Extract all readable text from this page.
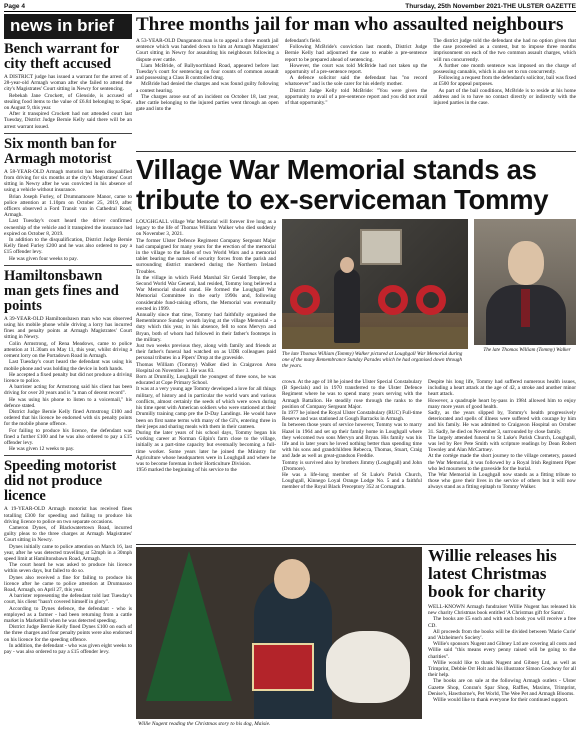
Page 4	Thursday, 25th November 2021-THE ULSTER GAZETTE
news in brief
Bench warrant for city theft accused

A DISTRICT judge has issued a warrant for the arrest of a 28-year-old Armagh woman after she failed to attend the city's Magistrates' Court sitting in Newry for sentencing.

Rebekah Jane Crockett, of Glenside, is accused of stealing food items to the value of £6.84 belonging to Spar, on August 9, this year.

After it transpired Crockett had not attended court last Tuesday, District Judge Bernie Kelly said there will be an arrest warrant issued.

Six month ban for Armagh motorist

A 58-YEAR-OLD Armagh motorist has been disqualified from driving for six months at the city's Magistrates' Court sitting in Newry after he was convicted in his absence of using a vehicle without insurance.

Brian Joseph Furley, of Drumnamoore Manor, came to police attention at 1.10pm on October 25, 2019, after officers observed a Ford Transit van in Cathedral Road, Armagh.

Last Tuesday's court heard the driver confirmed ownership of the vehicle and it transpired the insurance had expired on October 8, 2019.

In addition to the disqualification, District Judge Bernie Kelly fined Furley £200 and he was also ordered to pay a £15 offender levy.

He was given four weeks to pay.

Hamiltonsbawn man gets fines and points

A 39-YEAR-OLD Hamiltonsbawn man who was observed using his mobile phone while driving a lorry has incurred fines and penalty points at Armagh Magistrates' Court sitting in Newry.

Colin Armstrong, of Rena Meadows, came to police attention at 11.30am on May 11, this year, whilst driving a cement lorry on the Portadown Road in Armagh.

Last Tuesday's court heard the defendant was using his mobile phone and was holding the device in both hands.

He accepted a fixed penalty but did not produce a driving licence to police.

A barrister acting for Armstrong said his client has been driving for over 20 years and is "a man of decent record".

He was using his phone to listen to a voicemail," his defence stated.

District Judge Bernie Kelly fined Armstrong £100 and ordered that his licence be endorsed with six penalty points for the mobile phone offence.

For failing to produce his licence, the defendant was fined a further £100 and he was also ordered to pay a £15 offender levy.

He was given 12 weeks to pay.

Speeding motorist did not produce licence

A 19-YEAR-OLD Armagh motorist has received fines totalling £300 for speeding and failing to produce his driving licence to police on two separate occasions.

Cameron Dynes, of Blackwatertown Road, incurred guilty pleas to the three charges at Armagh Magistrates' Court sitting in Newry.

Dynes initially came to police attention on March 16, last year, after he was detected travelling at 52mph in a 30mph speed limit at Hamiltonsbawn Road, Armagh.

The court heard he was asked to produce his licence within seven days, but failed to do so.

Dynes also received a fine for failing to produce his licence after he came to police attention at Drumnasoo Road, Armagh, on April 27, this year.

A barrister representing the defendant told last Tuesday's court, his client "hasn't covered himself in glory".

According to Dynes defence, the defendant - who is employed as a farmer - had been returning from a cattle market in Markethill when he was detected speeding.

District Judge Bernie Kelly fined Dynes £100 on each of the three charges and four penalty points were also endorsed on his licence for the speeding offence.

In addition, the defendant - who was given eight weeks to pay - was also ordered to pay a £15 offender levy.

Three months jail for man who assaulted neighbours

A 53-YEAR-OLD Dungannon man is to appeal a three month jail sentence which was handed down to him at Armagh Magistrates' Court sitting in Newry for assaulting his neighbours following a dispute over cattle.

Liam McBride, of Ballynorthland Road, appeared before last Tuesday's court for sentencing on four counts of common assault and possessing a Class B controlled drug.

McBride had denied the charges and was found guilty following a contest hearing.

The charges arose out of an incident on October 18, last year, after cattle belonging to the injured parties went through an open gate and into the

defendant's field.

Following McBride's conviction last month, District Judge Bernie Kelly had adjourned the case to enable a pre-sentence report to be prepared ahead of sentencing.

However, the court was told McBride had not taken up the opportunity of a pre-sentence report.

A defence solicitor said the defendant has "no record whatsoever" and is the sole carer for his elderly mother.

District Judge Kelly told McBride: "You were given the opportunity to avail of a pre-sentence report and you did not avail of that opportunity."

The district judge told the defendant she had no option given that the case proceeded as a contest, but to impose three months imprisonment on each of the two common assault charges, which will run concurrently.

A further one month sentence was imposed on the charge of possessing cannabis, which is also set to run concurrently.

Following a request from the defendant's solicitor, bail was fixed at £500 for appeal purposes.

As part of the bail conditions, McBride is to reside at his home address and is to have no contact directly or indirectly with the injured parties in the case.

Village War Memorial stands as
tribute to ex-serviceman Tommy

LOUGHGALL village War Memorial will forever live long as a legacy to the life of Thomas William Walker who died suddenly on November 3, 2021.

The former Ulster Defence Regiment Company Sergeant Major had campaigned for many years for the erection of the memorial in the village to the fallen of two World Wars and a memorial tablet bearing the names of security forces from the parish and surrounding district murdered during the Northern Ireland Troubles.

In the village in which Field Marshal Sir Gerald Templer, the Second World War General, had resided, Tommy long believed a War Memorial should stand. He formed the Loughgall War Memorial Committee in the early 1990s and, following considerable fund-raising efforts, the Memorial was eventually erected in 1999.

Annually since that time, Tommy had faithfully organised the Remembrance Sunday wreath laying at the village Memorial - a duty which this year, in his absence, fell to sons Mervyn and Bryan, both of whom had followed in their father's footsteps in the military.

Just two weeks previous they, along with family and friends at their father's funeral had watched on as UDR colleagues paid personal tributes in a Pipers' Drop at the graveside.

Thomas William (Tommy) Walker died in Craigavon Area Hospital on November 3. He was 83.

Born at Drumilly, Loughgall the youngest of three sons, he was educated at Cope Primary School.

It was at a very young age Tommy developed a love for all things military, of history and in particular the world wars and various conflicts, almost certainly the seeds of which were sown during his time spent with American soldiers who were stationed at their Drumilly training camp pre the D-Day Landings. He would have been on first name terms with many of the GI's, entering three in their jeeps and sharing meals with them in their canteen.

During the later years of his school days, Tommy began his working career at Norman Gilpin's farm close to the village, initially as a part-time capacity but eventually becoming a full-time worker. Some years later he joined the Ministry for Agriculture whose headquarters were in Loughgall and where he was to become foreman in their Horticulture Division.

1956 marked the beginning of his service to the

The late Thomas William (Tommy) Walker pictured at Loughgall War Memorial during one of the many Remembrance Sunday Parades which he had organised down through the years.

crown. At the age of 18 he joined the Ulster Special Constabulary (B Specials) and in 1970 transferred to the Ulster Defence Regiment where he was to spend many years serving with the Armagh Battalion. He steadily rose through the ranks to the position of Company Sergeant Major.

In 1977 he joined the Royal Ulster Constabulary (RUC) Full-time Reserve and was stationed at Gough Barracks in Armagh.

In between those years of service however, Tommy was to marry Hazel in 1964 and set up their family home in Loughgall where they welcomed two sons Mervyn and Bryan. His family was his life and in later years he loved nothing better than spending time with his sons and grandchildren Rebecca, Thomas, Stuart, Craig and Jade as well as great-grandson Freddie.

Tommy is survived also by brothers Jimmy (Loughgall) and John (Dromore).

He was a life-long member of St Luke's Parish Church, Loughgall, Kinnego Loyal Orange Lodge No. 5 and a faithful member of the Royal Black Preceptory 352 at Cornagrath.

The late Thomas William (Tommy) Walker

Despite his long life, Tommy had suffered numerous health issues, including a heart attack at the age of 42, a stroke and another minor heart attack.

However, a quadruple heart by-pass in 1984 allowed him to enjoy many more years of good health.

Sadly, as the years slipped by, Tommy's health progressively deteriorated and spells of illness were suffered with courage by him and his family. He was admitted to Craigavon Hospital on October 31. Sadly, he died on November 3, surrounded by close family.

The largely attended funeral to St Luke's Parish Church, Loughgall, was led by Rev Pete Smith with scripture readings by Dean Robert Townley and Alan McCartney.

At the cortège made the short journey to the village cemetery, passed the War Memorial, it was followed by a Royal Irish Regiment Piper who led mourners to the graveside for the burial.

The War Memorial in Loughgall now stands as a fitting tribute to those who gave their lives in the service of others but it will now always stand as a fitting epitaph to Tommy Walker.

Willie Nugent reading the Christmas story to his dog, Maisie.
Willie releases his latest Christmas book for charity

WELL-KNOWN Armagh fundraiser Willie Nugent has released his new charity Christmas book entitled 'A Christmas gift for Santa'.

The books are £5 each and with each book you will receive a free CD.

All proceeds from the books will be divided between 'Marie Curie' and 'Alzheimer's Society'.

Willie's sponsors Nugent and Gibney Ltd are covering all costs and Willie said "this means every penny raised will be going to the charities".

Willie would like to thank Nugent and Gibney Ltd, as well as Trimprint, Debbie Orr Holt and his illustrator Simon Goodway for all their help.

The books are on sale at the following Armagh outlets - Ulster Gazette Shop, Conran's Spar Shop, Raffles, Maxims, Trimprint, Denise's, Hawthorne's, Pet World, The Wee Pet and Armagh Blooms.

Willie would like to thank everyone for their continued support.
